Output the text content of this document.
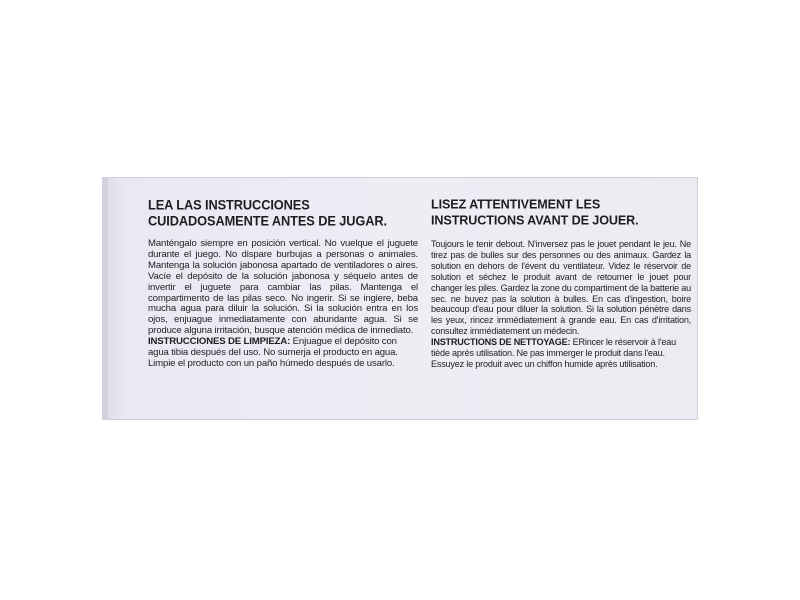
LEA LAS INSTRUCCIONES CUIDADOSAMENTE ANTES DE JUGAR.

Manténgalo siempre en posición vertical. No vuelque el juguete durante el juego. No dispare burbujas a personas o animales. Mantenga la solución jabonosa apartado de ventiladores o aires. Vacíe el depósito de la solución jabonosa y séquelo antes de invertir el juguete para cambiar las pilas. Mantenga el compartimento de las pilas seco. No ingerir. Si se ingiere, beba mucha agua para diluir la solución. Si la solución entra en los ojos, enjuague inmediatamente con abundante agua. Si se produce alguna irritación, busque atención médica de inmediato.

INSTRUCCIONES DE LIMPIEZA: Enjuague el depósito con agua tibia después del uso. No sumerja el producto en agua. Limpie el producto con un paño húmedo después de usarlo.

LISEZ ATTENTIVEMENT LES INSTRUCTIONS AVANT DE JOUER.

Toujours le tenir debout. N'inversez pas le jouet pendant le jeu. Ne tirez pas de bulles sur des personnes ou des animaux. Gardez la solution en dehors de l'évent du ventilateur. Videz le réservoir de solution et séchez le produit avant de retourner le jouet pour changer les piles. Gardez la zone du compartiment de la batterie au sec. ne buvez pas la solution à bulles. En cas d'ingestion, boire beaucoup d'eau pour diluer la solution. Si la solution pénètre dans les yeux, rincez immédiatement à grande eau. En cas d'irritation, consultez immédiatement un médecin.

INSTRUCTIONS DE NETTOYAGE: ERincer le réservoir à l'eau tiède après utilisation. Ne pas immerger le produit dans l'eau. Essuyez le produit avec un chiffon humide après utilisation.
